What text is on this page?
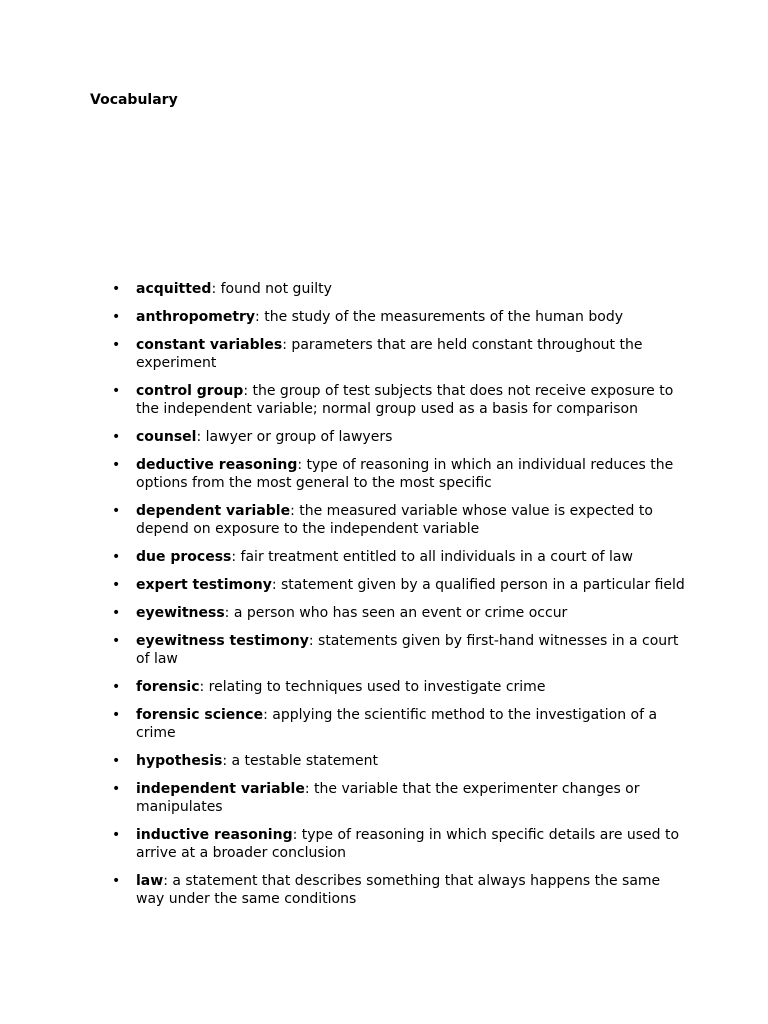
Vocabulary
• acquitted: found not guilty
• anthropometry: the study of the measurements of the human body
• constant variables: parameters that are held constant throughout the experiment
• control group: the group of test subjects that does not receive exposure to the independent variable; normal group used as a basis for comparison
• counsel: lawyer or group of lawyers
• deductive reasoning: type of reasoning in which an individual reduces the options from the most general to the most specific
• dependent variable: the measured variable whose value is expected to depend on exposure to the independent variable
• due process: fair treatment entitled to all individuals in a court of law
• expert testimony: statement given by a qualified person in a particular field
• eyewitness: a person who has seen an event or crime occur
• eyewitness testimony: statements given by first-hand witnesses in a court of law
• forensic: relating to techniques used to investigate crime
• forensic science: applying the scientific method to the investigation of a crime
• hypothesis: a testable statement
• independent variable: the variable that the experimenter changes or manipulates
• inductive reasoning: type of reasoning in which specific details are used to arrive at a broader conclusion
• law: a statement that describes something that always happens the same way under the same conditions
